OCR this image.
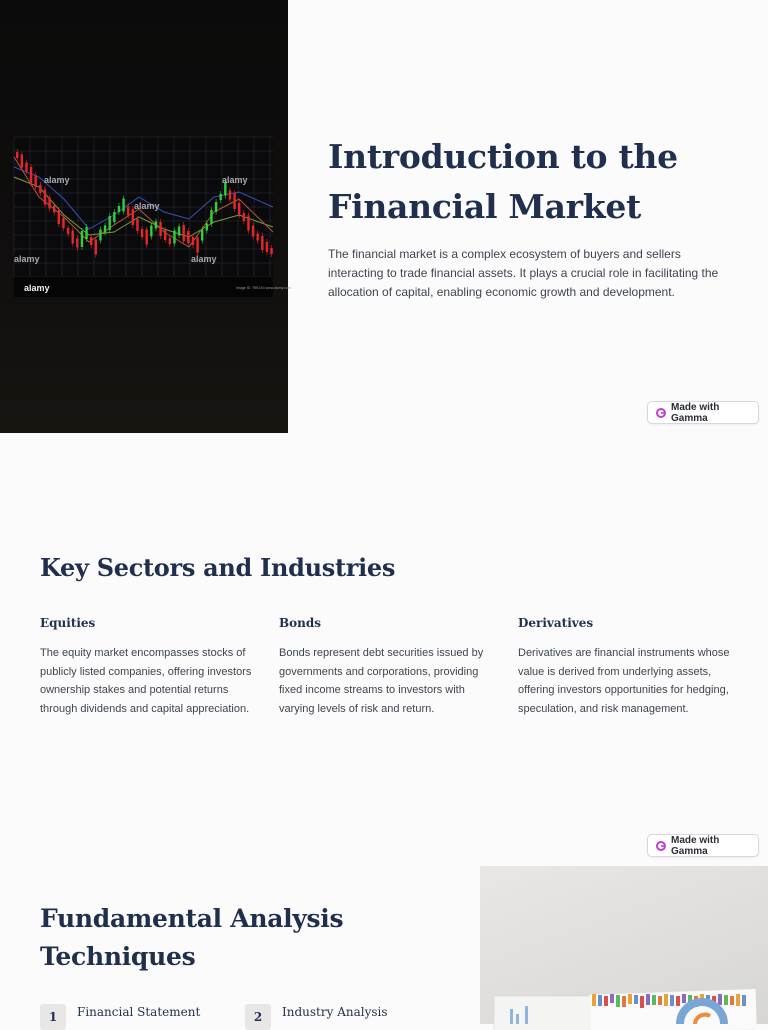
alamy
alamy
alamy
alamy	alamy
alamy	Image ID: T9K2X4 www.alamy.com
Introduction to the Financial Market

The financial market is a complex ecosystem of buyers and sellers interacting to trade financial assets. It plays a crucial role in facilitating the allocation of capital, enabling economic growth and development.

Made with Gamma
Key Sectors and Industries
Equities
The equity market encompasses stocks of publicly listed companies, offering investors ownership stakes and potential returns through dividends and capital appreciation.
Bonds
Bonds represent debt securities issued by governments and corporations, providing fixed income streams to investors with varying levels of risk and return.
Derivatives
Derivatives are financial instruments whose value is derived from underlying assets, offering investors opportunities for hedging, speculation, and risk management.
Made with Gamma
Fundamental Analysis Techniques
1	Financial Statement	2	Industry Analysis
